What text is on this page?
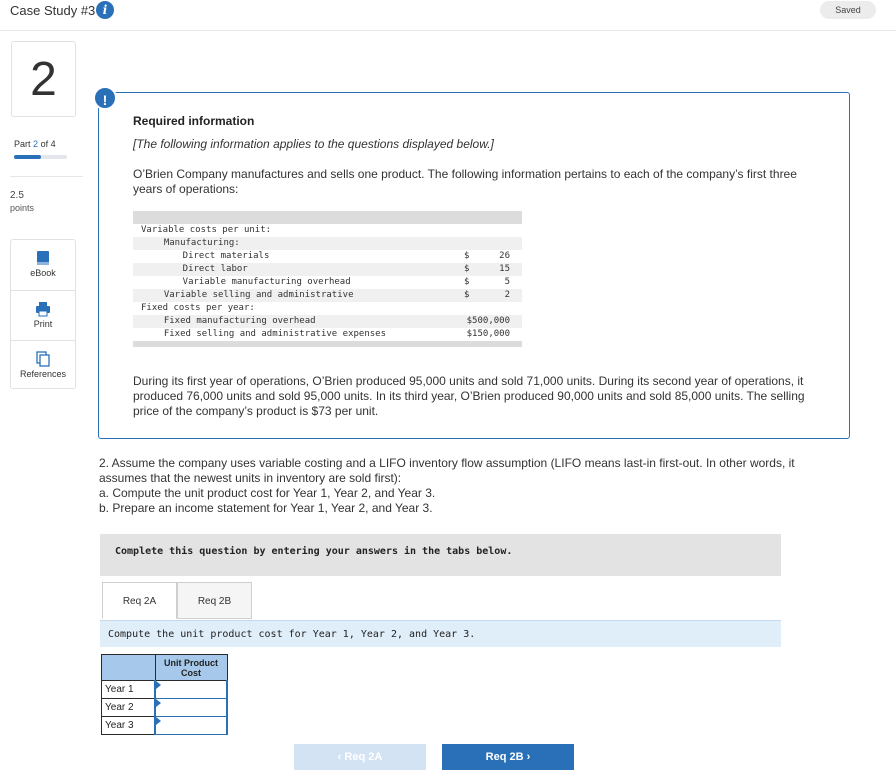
Case Study #3 i	Saved
2
Part 2 of 4
2.5
points
eBook
Print
References
!
Required information
[The following information applies to the questions displayed below.]
O’Brien Company manufactures and sells one product. The following information pertains to each of the company’s first three years of operations:
Variable costs per unit:
Manufacturing:
Direct materials	$	26
Direct labor	$	15
Variable manufacturing overhead	$	5
Variable selling and administrative	$	2
Fixed costs per year:
Fixed manufacturing overhead	$500,000
Fixed selling and administrative expenses	$150,000
During its first year of operations, O’Brien produced 95,000 units and sold 71,000 units. During its second year of operations, it produced 76,000 units and sold 95,000 units. In its third year, O’Brien produced 90,000 units and sold 85,000 units. The selling price of the company’s product is $73 per unit.
2. Assume the company uses variable costing and a LIFO inventory flow assumption (LIFO means last-in first-out. In other words, it assumes that the newest units in inventory are sold first):
a. Compute the unit product cost for Year 1, Year 2, and Year 3.
b. Prepare an income statement for Year 1, Year 2, and Year 3.
Complete this question by entering your answers in the tabs below.
Req 2A	Req 2B
Compute the unit product cost for Year 1, Year 2, and Year 3.
	Unit Product Cost
Year 1	

Year 2	

Year 3	
‹ Req 2A	Req 2B ›
